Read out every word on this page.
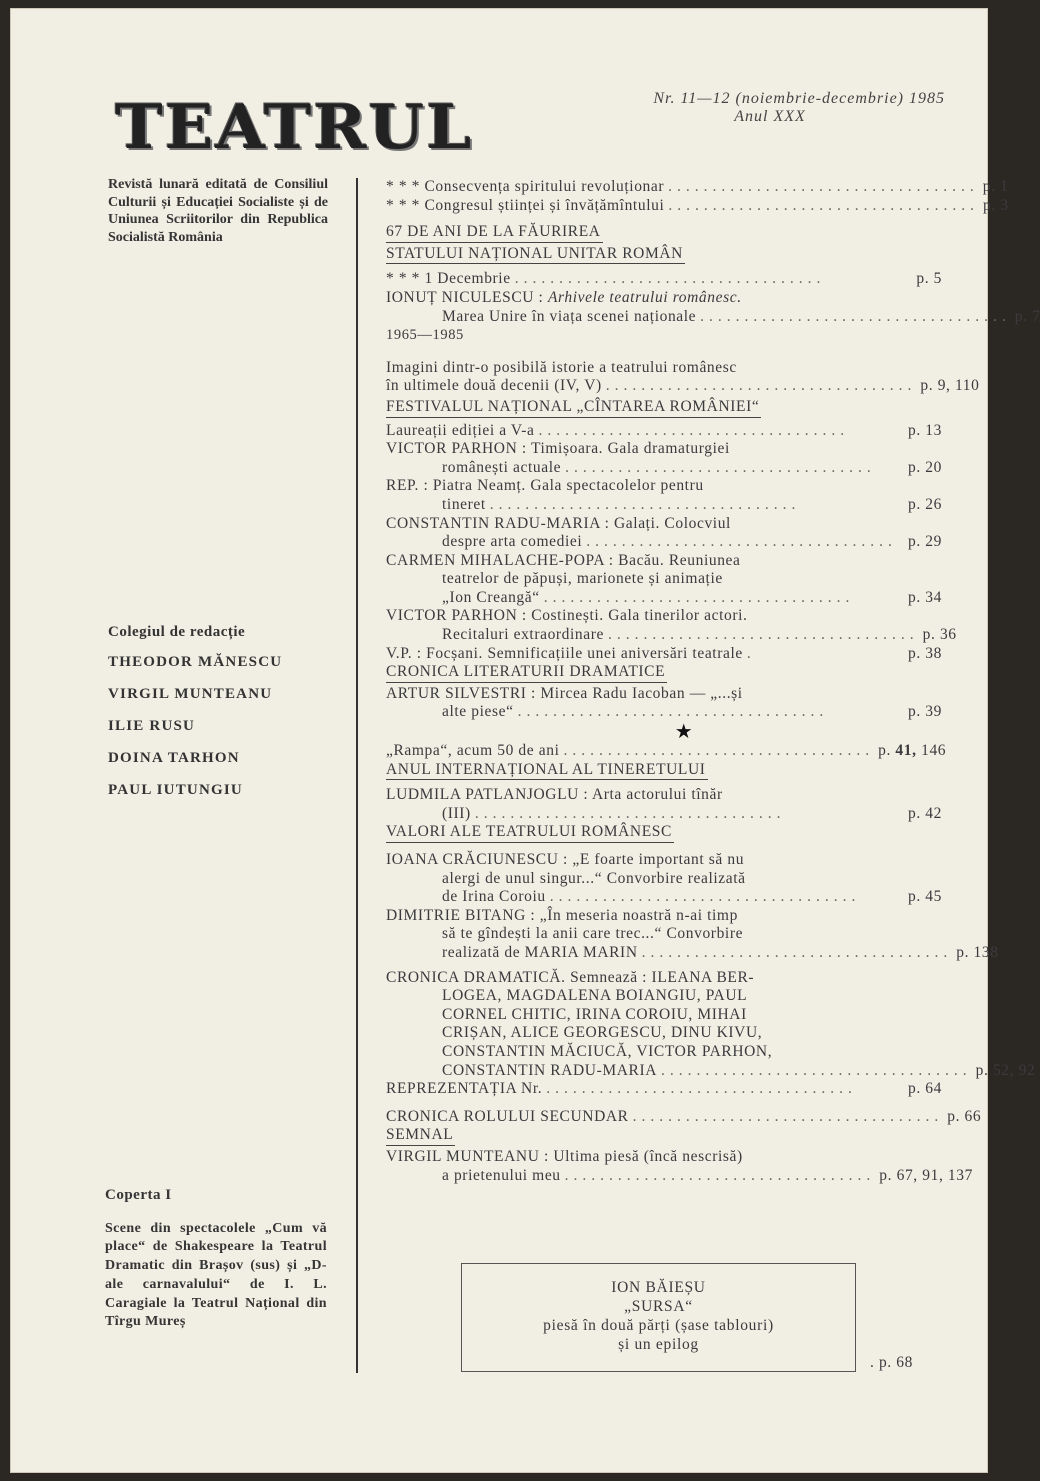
TEATRUL	Nr. 11—12 (noiembrie-decembrie) 1985
Anul XXX
Revistă lunară editată de Consiliul Culturii și Educației Socialiste și de Uniunea Scriitorilor din Republica Socialistă România
Colegiul de redacție
THEODOR MĂNESCU
VIRGIL MUNTEANU
ILIE RUSU
DOINA TARHON
PAUL IUTUNGIU
Coperta I
Scene din spectacolele „Cum vă place“ de Shakespeare la Teatrul Dramatic din Brașov (sus) și „D-ale carnavalului“ de I. L. Caragiale la Teatrul Național din Tîrgu Mureș
* * * Consecvența spiritului revoluționar ................................... p. 1
* * * Congresul științei și învățămîntului ................................... p. 3
67 DE ANI DE LA FĂURIREA
STATULUI NAȚIONAL UNITAR ROMÂN
* * * 1 Decembrie ...................................	p. 5
IONUȚ NICULESCU :
Arhivele teatrului românesc.
Marea Unire în viața scenei naționale ................................... p. 7
1965—1985
Imagini dintr-o posibilă istorie a teatrului românesc
în ultimele două decenii (IV, V) ................................... p. 9, 110
FESTIVALUL NAȚIONAL „CÎNTAREA ROMÂNIEI“
Laureații ediției a V-a ...................................	p. 13
VICTOR PARHON : Timișoara. Gala dramaturgiei
românești actuale ...................................	p. 20
REP. : Piatra Neamț. Gala spectacolelor pentru
tineret ...................................	p. 26
CONSTANTIN RADU-MARIA : Galați. Colocviul
despre arta comediei ................................... p. 29
CARMEN MIHALACHE-POPA : Bacău. Reuniunea
teatrelor de păpuși, marionete și animație
„Ion Creangă“ ...................................	p. 34
VICTOR PARHON : Costinești. Gala tinerilor actori.
Recitaluri extraordinare ................................... p. 36
V.P. : Focșani. Semnificațiile unei aniversări teatrale .	p. 38
CRONICA LITERATURII DRAMATICE
ARTUR SILVESTRI : Mircea Radu Iacoban — „...și
alte piese“ ...................................	p. 39
★
„Rampa“, acum 50 de ani ................................... p. 41, 146
ANUL INTERNAȚIONAL AL TINERETULUI
LUDMILA PATLANJOGLU : Arta actorului tînăr
(III) ...................................	p. 42
VALORI ALE TEATRULUI ROMÂNESC
IOANA CRĂCIUNESCU : „E foarte important să nu
alergi de unul singur...“ Convorbire realizată
de Irina Coroiu ...................................	p. 45
DIMITRIE BITANG : „În meseria noastră n-ai timp
să te gîndești la anii care trec...“ Convorbire
realizată de MARIA MARIN ................................... p. 138
CRONICA DRAMATICĂ. Semnează : ILEANA BER-
LOGEA, MAGDALENA BOIANGIU, PAUL
CORNEL CHITIC, IRINA COROIU, MIHAI
CRIȘAN, ALICE GEORGESCU, DINU KIVU,
CONSTANTIN MĂCIUCĂ, VICTOR PARHON,
CONSTANTIN RADU-MARIA ................................... p. 52, 92
REPREZENTAȚIA Nr. ...................................	p. 64
CRONICA ROLULUI SECUNDAR ................................... p. 66
SEMNAL
VIRGIL MUNTEANU : Ultima piesă (încă nescrisă)
a prietenului meu ................................... p. 67, 91, 137
ION BĂIEȘU
„SURSA“
piesă în două părți (șase tablouri)
și un epilog
. p. 68
